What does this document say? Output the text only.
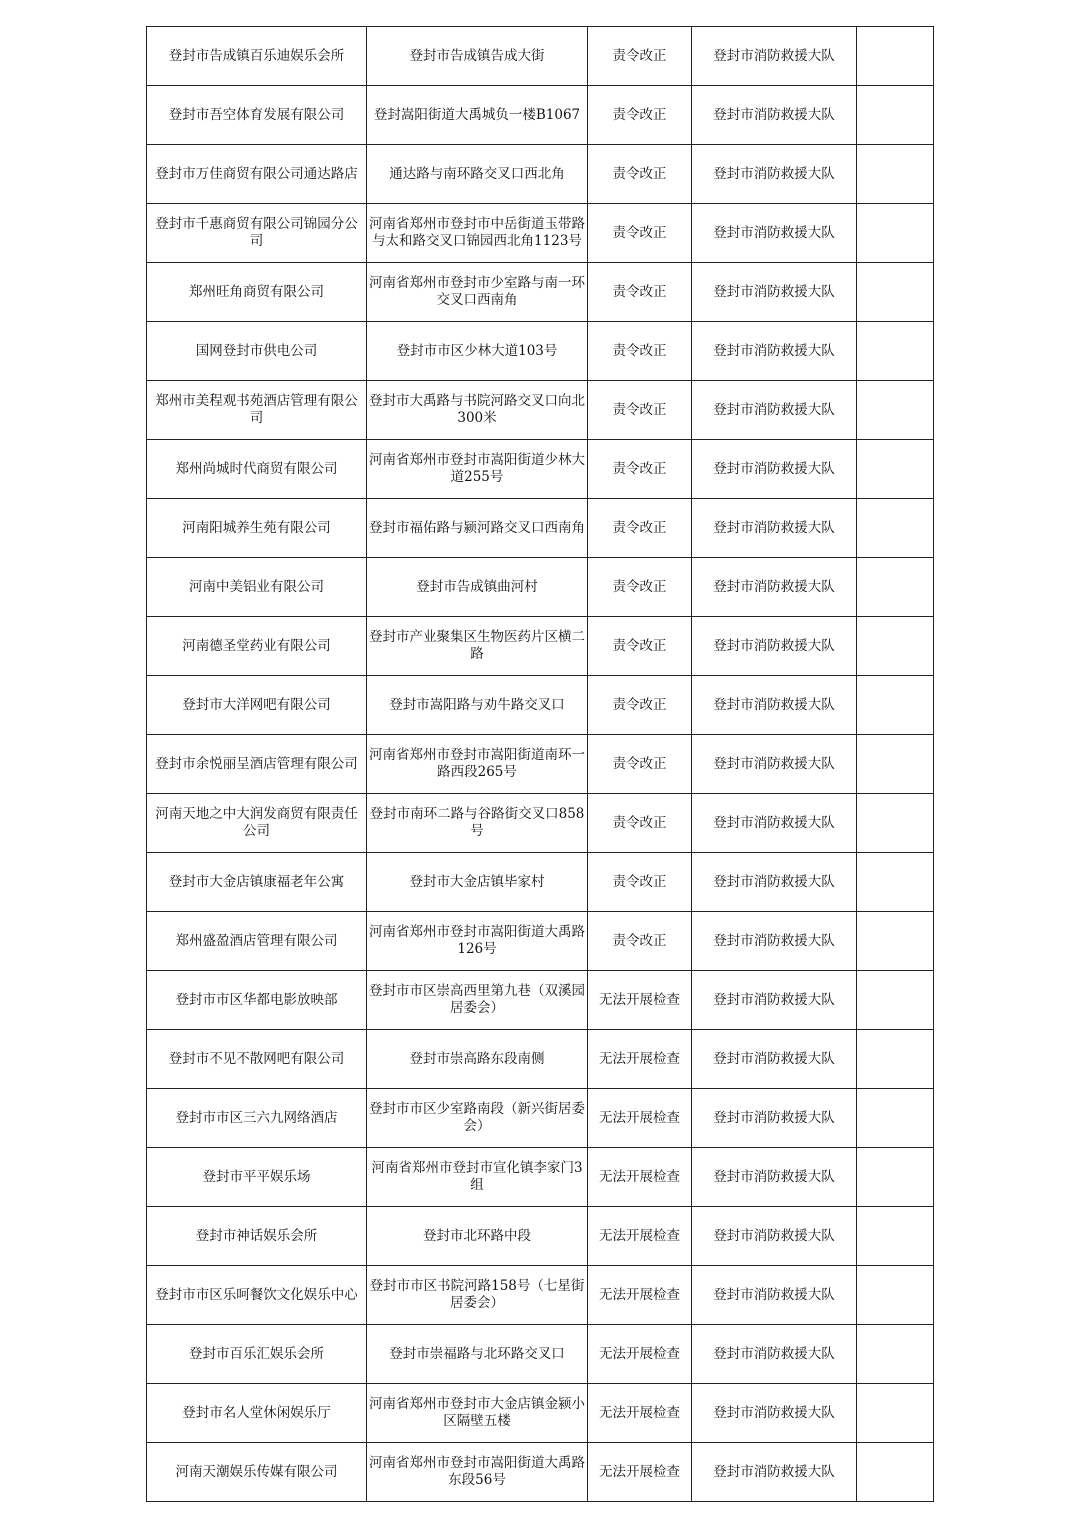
登封市告成镇百乐迪娱乐会所	登封市告成镇告成大街	责令改正	登封市消防救援大队	
登封市吾空体育发展有限公司	登封嵩阳街道大禹城负一楼B1067	责令改正	登封市消防救援大队	
登封市万佳商贸有限公司通达路店	通达路与南环路交叉口西北角	责令改正	登封市消防救援大队	
登封市千惠商贸有限公司锦园分公司	河南省郑州市登封市中岳街道玉带路与太和路交叉口锦园西北角1123号	责令改正	登封市消防救援大队	
郑州旺角商贸有限公司	河南省郑州市登封市少室路与南一环交叉口西南角	责令改正	登封市消防救援大队	
国网登封市供电公司	登封市市区少林大道103号	责令改正	登封市消防救援大队	
郑州市美程观书苑酒店管理有限公司	登封市大禹路与书院河路交叉口向北300米	责令改正	登封市消防救援大队	
郑州尚城时代商贸有限公司	河南省郑州市登封市嵩阳街道少林大道255号	责令改正	登封市消防救援大队	
河南阳城养生苑有限公司	登封市福佑路与颍河路交叉口西南角	责令改正	登封市消防救援大队	
河南中美铝业有限公司	登封市告成镇曲河村	责令改正	登封市消防救援大队	
河南德圣堂药业有限公司	登封市产业聚集区生物医药片区横二路	责令改正	登封市消防救援大队	
登封市大洋网吧有限公司	登封市嵩阳路与劝牛路交叉口	责令改正	登封市消防救援大队	
登封市余悦丽呈酒店管理有限公司	河南省郑州市登封市嵩阳街道南环一路西段265号	责令改正	登封市消防救援大队	
河南天地之中大润发商贸有限责任公司	登封市南环二路与谷路街交叉口858号	责令改正	登封市消防救援大队	
登封市大金店镇康福老年公寓	登封市大金店镇毕家村	责令改正	登封市消防救援大队	
郑州盛盈酒店管理有限公司	河南省郑州市登封市嵩阳街道大禹路126号	责令改正	登封市消防救援大队	
登封市市区华都电影放映部	登封市市区崇高西里第九巷（双溪园居委会）	无法开展检查	登封市消防救援大队	
登封市不见不散网吧有限公司	登封市崇高路东段南侧	无法开展检查	登封市消防救援大队	
登封市市区三六九网络酒店	登封市市区少室路南段（新兴街居委会）	无法开展检查	登封市消防救援大队	
登封市平平娱乐场	河南省郑州市登封市宣化镇李家门3组	无法开展检查	登封市消防救援大队	
登封市神话娱乐会所	登封市北环路中段	无法开展检查	登封市消防救援大队	
登封市市区乐呵餐饮文化娱乐中心	登封市市区书院河路158号（七星街居委会）	无法开展检查	登封市消防救援大队	
登封市百乐汇娱乐会所	登封市崇福路与北环路交叉口	无法开展检查	登封市消防救援大队	
登封市名人堂休闲娱乐厅	河南省郑州市登封市大金店镇金颍小区隔壁五楼	无法开展检查	登封市消防救援大队	
河南天潮娱乐传媒有限公司	河南省郑州市登封市嵩阳街道大禹路东段56号	无法开展检查	登封市消防救援大队	
